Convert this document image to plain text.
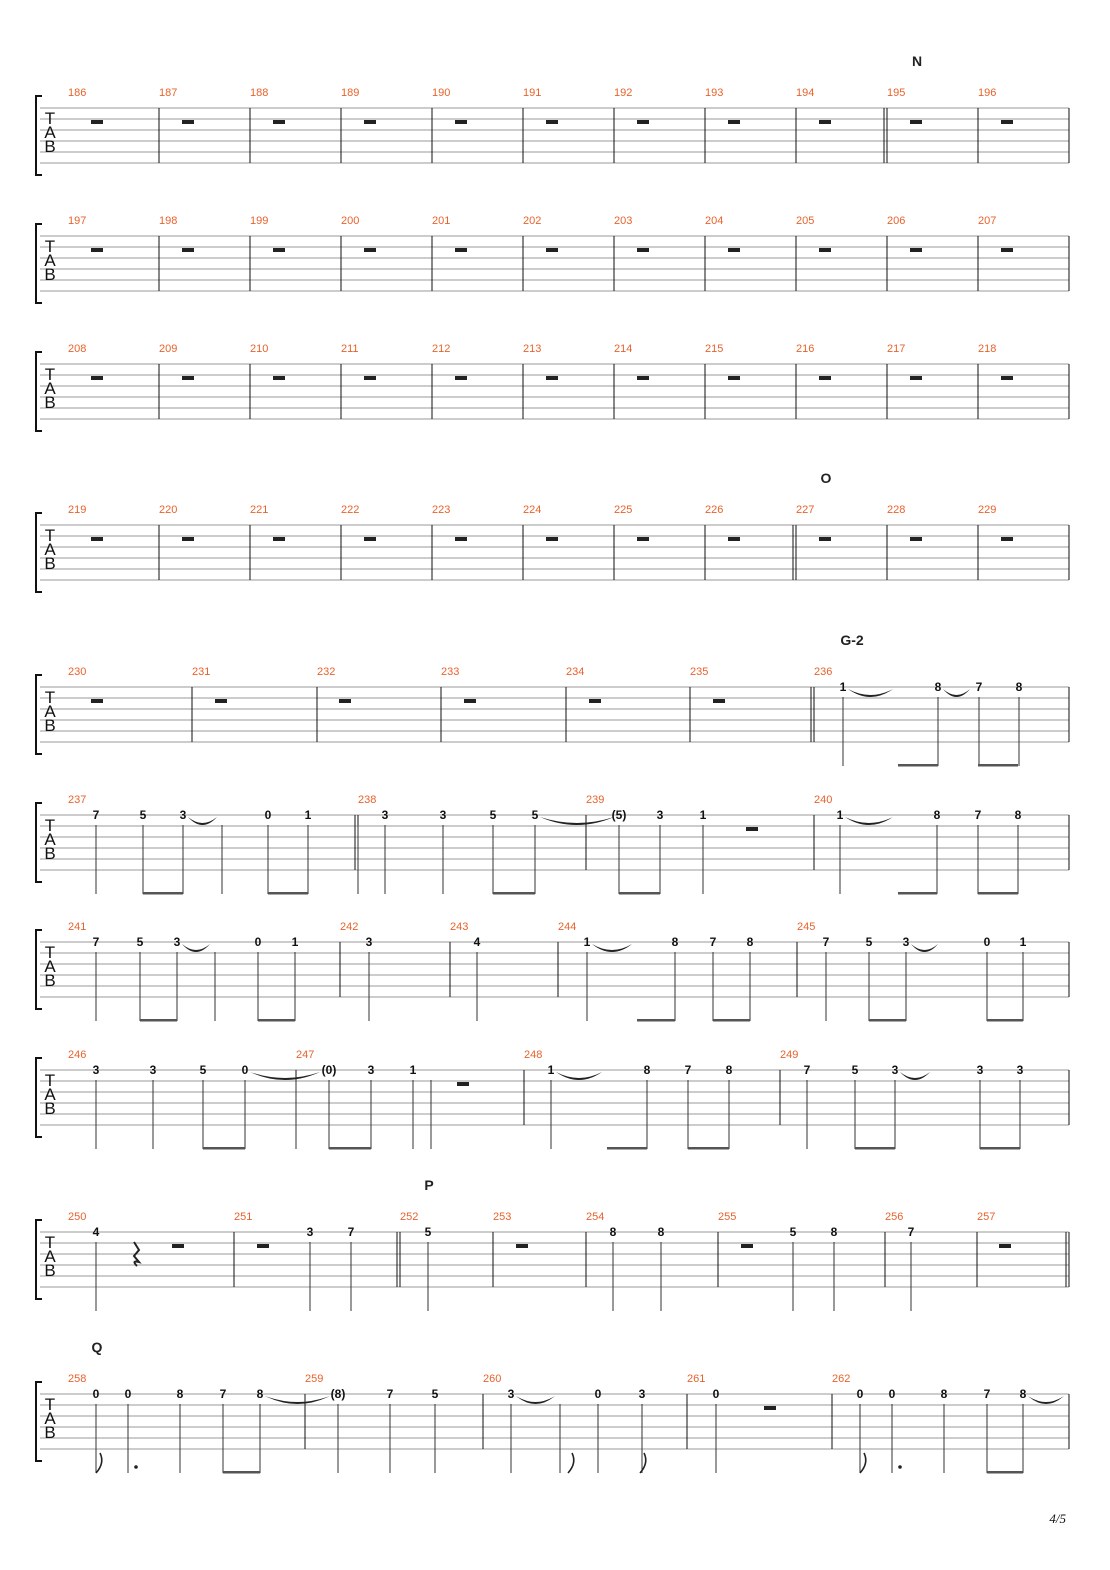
T
A
B
N
186	187	188	189	190	191	192	193	194	195	196
T
A
B
197	198	199	200	201	202	203	204	205	206	207
T
A
B
208	209	210	211	212	213	214	215	216	217	218
T
A
B
O
219	220	221	222	223	224	225	226	227	228	229
T
A
B
G-2
230	231	232	233	234	235	236
1	8	7	8
T
A
B
237
7	5	3	0	1
238
3	3	5	5
239
(5)	3	1
240
1	8	7	8
T
A
B
241
7	5	3	0	1
242
3
243
4
244
1	8	7	8
245
7	5	3	0 1
T
A
B
246
3	3	5	0
247
(0)	3	1
248
1	8	7	8
249
7	5	3	3	3
T
A
B
P
250
4
251
3	7
252
5
253	254
8	8
255
5	8
256
7
257
T
A
B
Q
258
0 0	8	7	8
259
(8)	7	5
260
3	0	3
261
0
262
0 0	8	7 8
4/5
